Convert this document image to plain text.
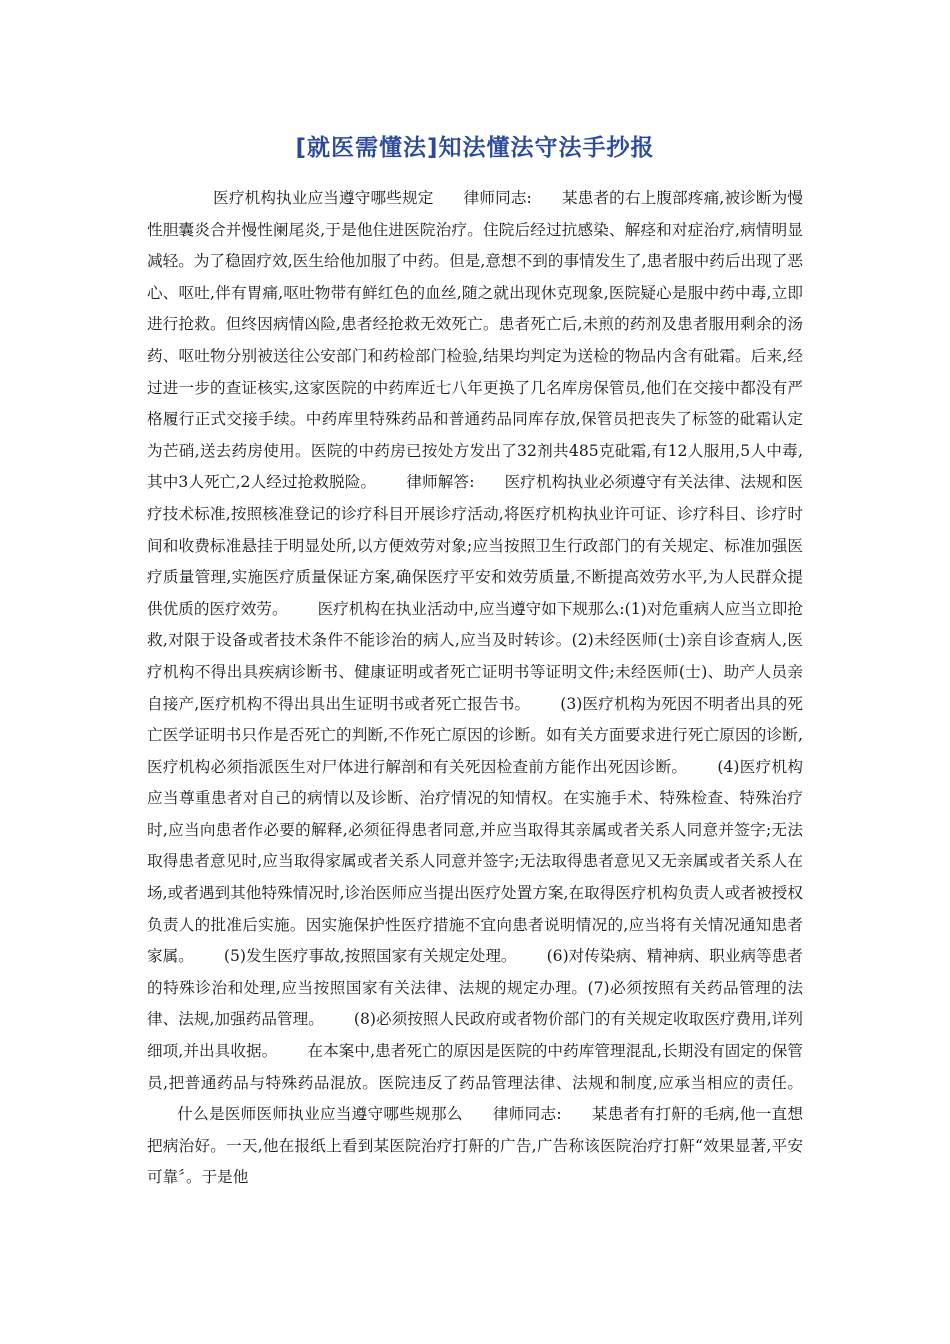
[就医需懂法]知法懂法守法手抄报
医疗机构执业应当遵守哪些规定 律师同志: 某患者的右上腹部疼痛,被诊断为慢性胆囊炎合并慢性阑尾炎,于是他住进医院治疗。住院后经过抗感染、解痉和对症治疗,病情明显减轻。为了稳固疗效,医生给他加服了中药。但是,意想不到的事情发生了,患者服中药后出现了恶心、呕吐,伴有胃痛,呕吐物带有鲜红色的血丝,随之就出现休克现象,医院疑心是服中药中毒,立即进行抢救。但终因病情凶险,患者经抢救无效死亡。患者死亡后,未煎的药剂及患者服用剩余的汤药、呕吐物分别被送往公安部门和药检部门检验,结果均判定为送检的物品内含有砒霜。后来,经过进一步的查证核实,这家医院的中药库近七八年更换了几名库房保管员,他们在交接中都没有严格履行正式交接手续。中药库里特殊药品和普通药品同库存放,保管员把丧失了标签的砒霜认定为芒硝,送去药房使用。医院的中药房已按处方发出了32剂共485克砒霜,有12人服用,5人中毒,其中3人死亡,2人经过抢救脱险。 律师解答: 医疗机构执业必须遵守有关法律、法规和医疗技术标准,按照核准登记的诊疗科目开展诊疗活动,将医疗机构执业许可证、诊疗科目、诊疗时间和收费标准悬挂于明显处所,以方便效劳对象;应当按照卫生行政部门的有关规定、标准加强医疗质量管理,实施医疗质量保证方案,确保医疗平安和效劳质量,不断提高效劳水平,为人民群众提供优质的医疗效劳。 医疗机构在执业活动中,应当遵守如下规那么:(1)对危重病人应当立即抢救,对限于设备或者技术条件不能诊治的病人,应当及时转诊。(2)未经医师(士)亲自诊查病人,医疗机构不得出具疾病诊断书、健康证明或者死亡证明书等证明文件;未经医师(士)、助产人员亲自接产,医疗机构不得出具出生证明书或者死亡报告书。 (3)医疗机构为死因不明者出具的死亡医学证明书只作是否死亡的判断,不作死亡原因的诊断。如有关方面要求进行死亡原因的诊断,医疗机构必须指派医生对尸体进行解剖和有关死因检查前方能作出死因诊断。 (4)医疗机构应当尊重患者对自己的病情以及诊断、治疗情况的知情权。在实施手术、特殊检查、特殊治疗时,应当向患者作必要的解释,必须征得患者同意,并应当取得其亲属或者关系人同意并签字;无法取得患者意见时,应当取得家属或者关系人同意并签字;无法取得患者意见又无亲属或者关系人在场,或者遇到其他特殊情况时,诊治医师应当提出医疗处置方案,在取得医疗机构负责人或者被授权负责人的批准后实施。因实施保护性医疗措施不宜向患者说明情况的,应当将有关情况通知患者家属。 (5)发生医疗事故,按照国家有关规定处理。 (6)对传染病、精神病、职业病等患者的特殊诊治和处理,应当按照国家有关法律、法规的规定办理。(7)必须按照有关药品管理的法律、法规,加强药品管理。 (8)必须按照人民政府或者物价部门的有关规定收取医疗费用,详列细项,并出具收据。 在本案中,患者死亡的原因是医院的中药库管理混乱,长期没有固定的保管员,把普通药品与特殊药品混放。医院违反了药品管理法律、法规和制度,应承当相应的责任。什么是医师医师执业应当遵守哪些规那么 律师同志: 某患者有打鼾的毛病,他一直想把病治好。一天,他在报纸上看到某医院治疗打鼾的广告,广告称该医院治疗打鼾“效果显著,平安可靠〞。于是他
